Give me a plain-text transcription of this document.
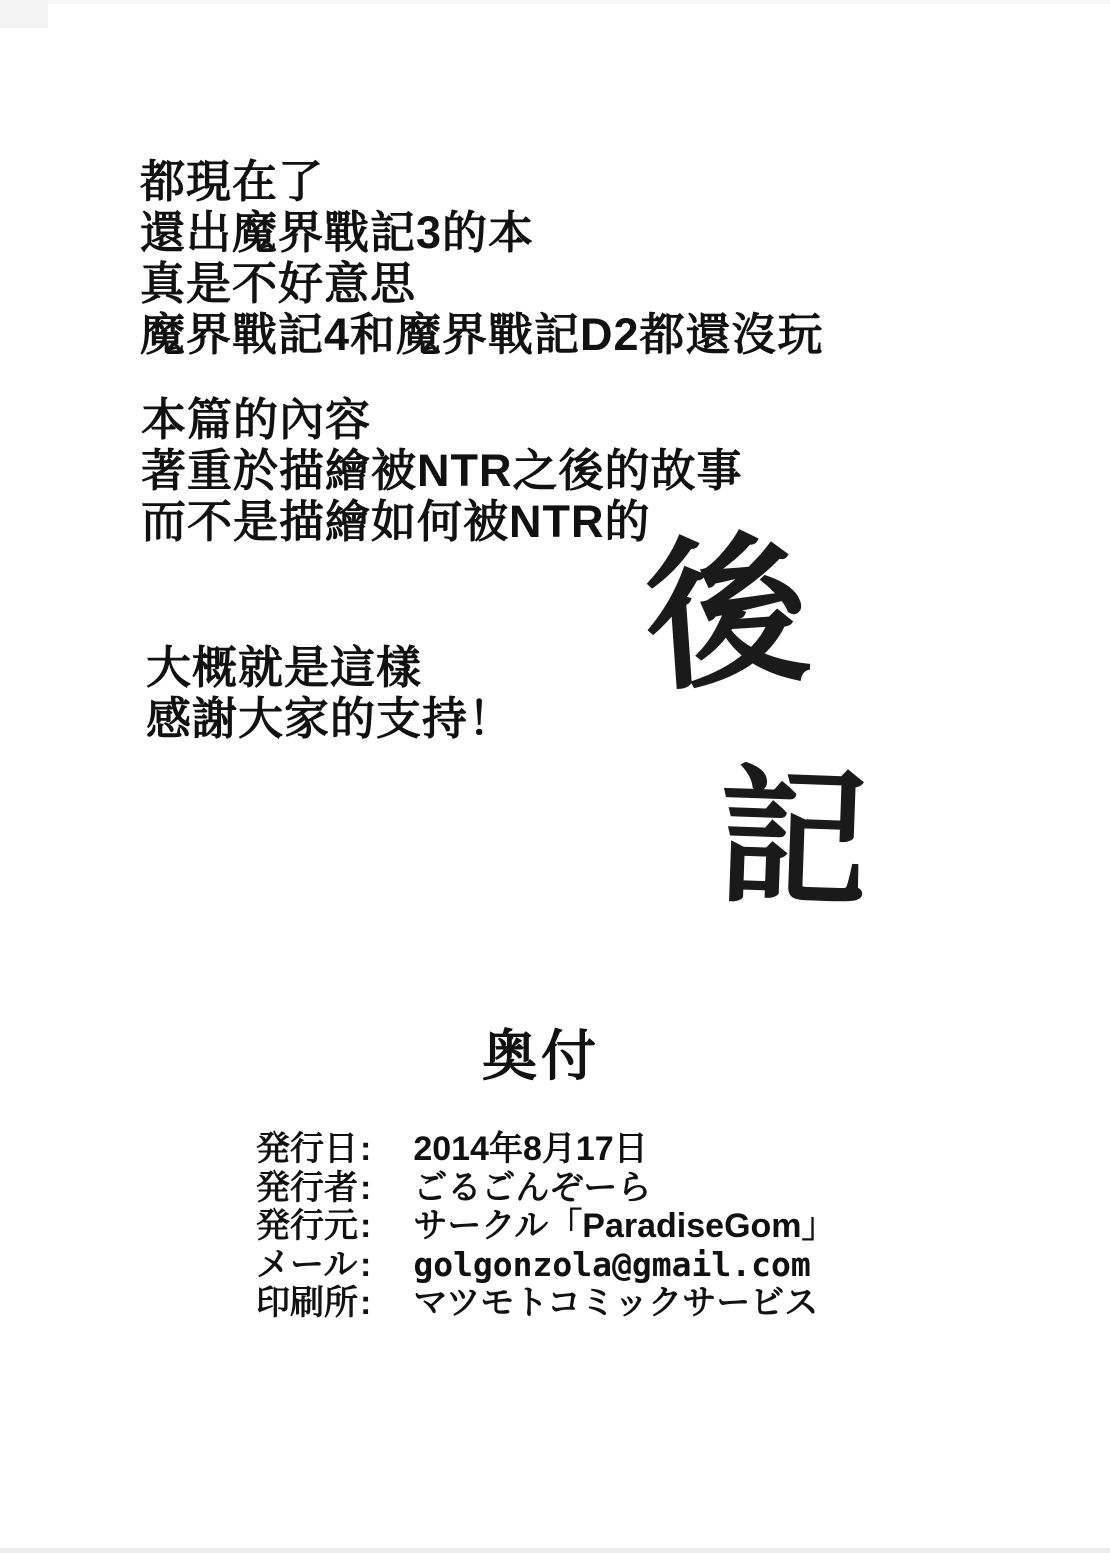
都現在了
還出魔界戰記3的本
真是不好意思
魔界戰記4和魔界戰記D2都還沒玩
本篇的內容
著重於描繪被NTR之後的故事
而不是描繪如何被NTR的
大概就是這樣
感謝大家的支持！
後
記
奥付
発行日 : 2014年8月17日
発行者 : ごるごんぞーら
発行元 : サークル「ParadiseGom」
メール : golgonzola@gmail.com
印刷所 : マツモトコミックサービス
